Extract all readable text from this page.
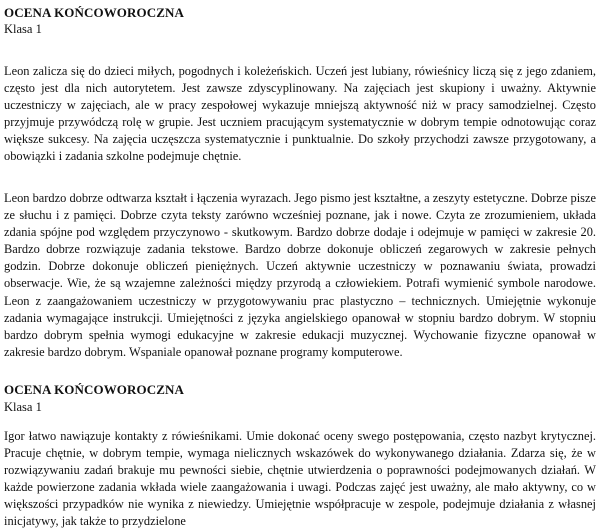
OCENA KOŃCOWOROCZNA
Klasa 1

Leon zalicza się do dzieci miłych, pogodnych i koleżeńskich. Uczeń jest lubiany, rówieśnicy liczą się z jego zdaniem, często jest dla nich autorytetem. Jest zawsze zdyscyplinowany. Na zajęciach jest skupiony i uważny. Aktywnie uczestniczy w zajęciach, ale w pracy zespołowej wykazuje mniejszą aktywność niż w pracy samodzielnej. Często przyjmuje przywódczą rolę w grupie. Jest uczniem pracującym systematycznie w dobrym tempie odnotowując coraz większe sukcesy. Na zajęcia uczęszcza systematycznie i punktualnie. Do szkoły przychodzi zawsze przygotowany, a obowiązki i zadania szkolne podejmuje chętnie.

Leon bardzo dobrze odtwarza kształt i łączenia wyrazach. Jego pismo jest kształtne, a zeszyty estetyczne. Dobrze pisze ze słuchu i z pamięci. Dobrze czyta teksty zarówno wcześniej poznane, jak i nowe. Czyta ze zrozumieniem, układa zdania spójne pod względem przyczynowo - skutkowym. Bardzo dobrze dodaje i odejmuje w pamięci w zakresie 20. Bardzo dobrze rozwiązuje zadania tekstowe. Bardzo dobrze dokonuje obliczeń zegarowych w zakresie pełnych godzin. Dobrze dokonuje obliczeń pieniężnych. Uczeń aktywnie uczestniczy w poznawaniu świata, prowadzi obserwacje. Wie, że są wzajemne zależności między przyrodą a człowiekiem. Potrafi wymienić symbole narodowe. Leon z zaangażowaniem uczestniczy w przygotowywaniu prac plastyczno – technicznych. Umiejętnie wykonuje zadania wymagające instrukcji. Umiejętności z języka angielskiego opanował w stopniu bardzo dobrym. W stopniu bardzo dobrym spełnia wymogi edukacyjne w zakresie edukacji muzycznej. Wychowanie fizyczne opanował w zakresie bardzo dobrym. Wspaniale opanował poznane programy komputerowe.

OCENA KOŃCOWOROCZNA
Klasa 1

Igor łatwo nawiązuje kontakty z rówieśnikami. Umie dokonać oceny swego postępowania, często nazbyt krytycznej. Pracuje chętnie, w dobrym tempie, wymaga nielicznych wskazówek do wykonywanego działania. Zdarza się, że w rozwiązywaniu zadań brakuje mu pewności siebie, chętnie utwierdzenia o poprawności podejmowanych działań. W każde powierzone zadania wkłada wiele zaangażowania i uwagi. Podczas zajęć jest uważny, ale mało aktywny, co w większości przypadków nie wynika z niewiedzy. Umiejętnie współpracuje w zespole, podejmuje działania z własnej inicjatywy, jak także to przydzielone
